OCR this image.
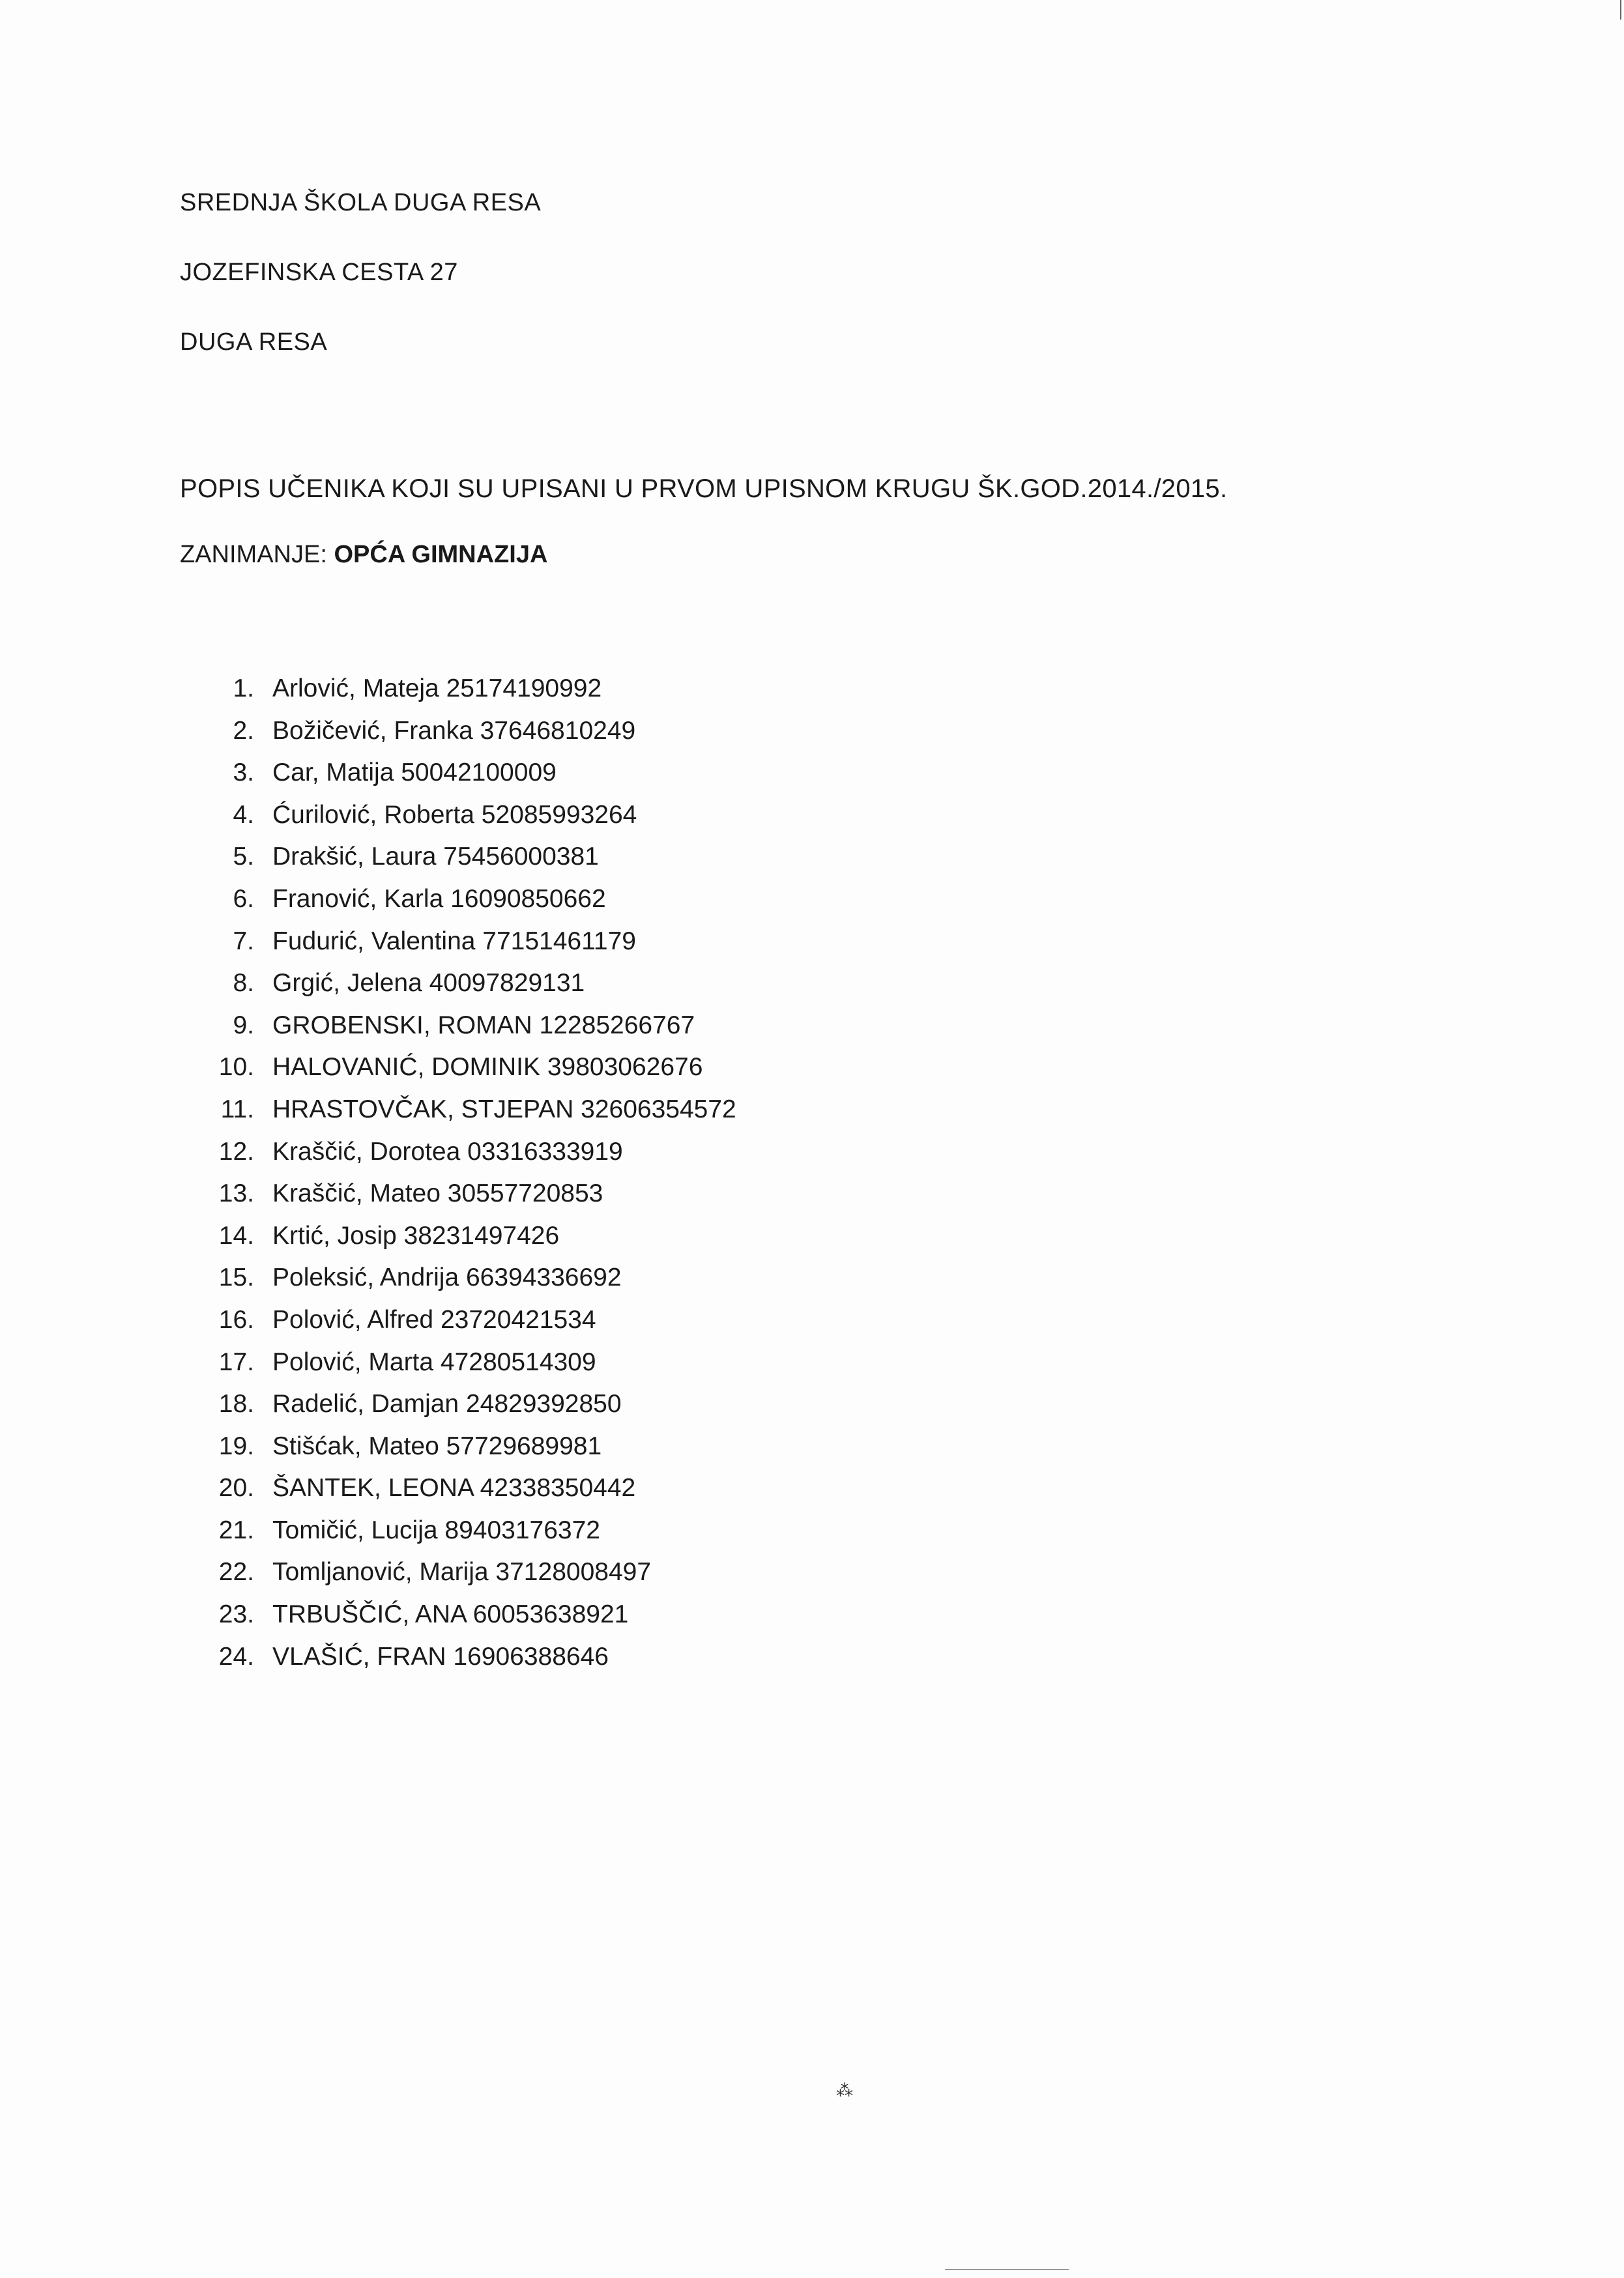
SREDNJA ŠKOLA DUGA RESA
JOZEFINSKA CESTA 27
DUGA RESA
POPIS UČENIKA KOJI SU UPISANI U PRVOM UPISNOM KRUGU ŠK.GOD.2014./2015.
ZANIMANJE: OPĆA GIMNAZIJA
1. Arlović, Mateja 25174190992
2. Božičević, Franka 37646810249
3. Car, Matija 50042100009
4. Ćurilović, Roberta 52085993264
5. Drakšić, Laura 75456000381
6. Franović, Karla 16090850662
7. Fudurić, Valentina 77151461179
8. Grgić, Jelena 40097829131
9. GROBENSKI, ROMAN 12285266767
10. HALOVANIĆ, DOMINIK 39803062676
11. HRASTOVČAK, STJEPAN 32606354572
12. Kraščić, Dorotea 03316333919
13. Kraščić, Mateo 30557720853
14. Krtić, Josip 38231497426
15. Poleksić, Andrija 66394336692
16. Polović, Alfred 23720421534
17. Polović, Marta 47280514309
18. Radelić, Damjan 24829392850
19. Stišćak, Mateo 57729689981
20. ŠANTEK, LEONA 42338350442
21. Tomičić, Lucija 89403176372
22. Tomljanović, Marija 37128008497
23. TRBUŠČIĆ, ANA 60053638921
24. VLAŠIĆ, FRAN 16906388646
⁂
